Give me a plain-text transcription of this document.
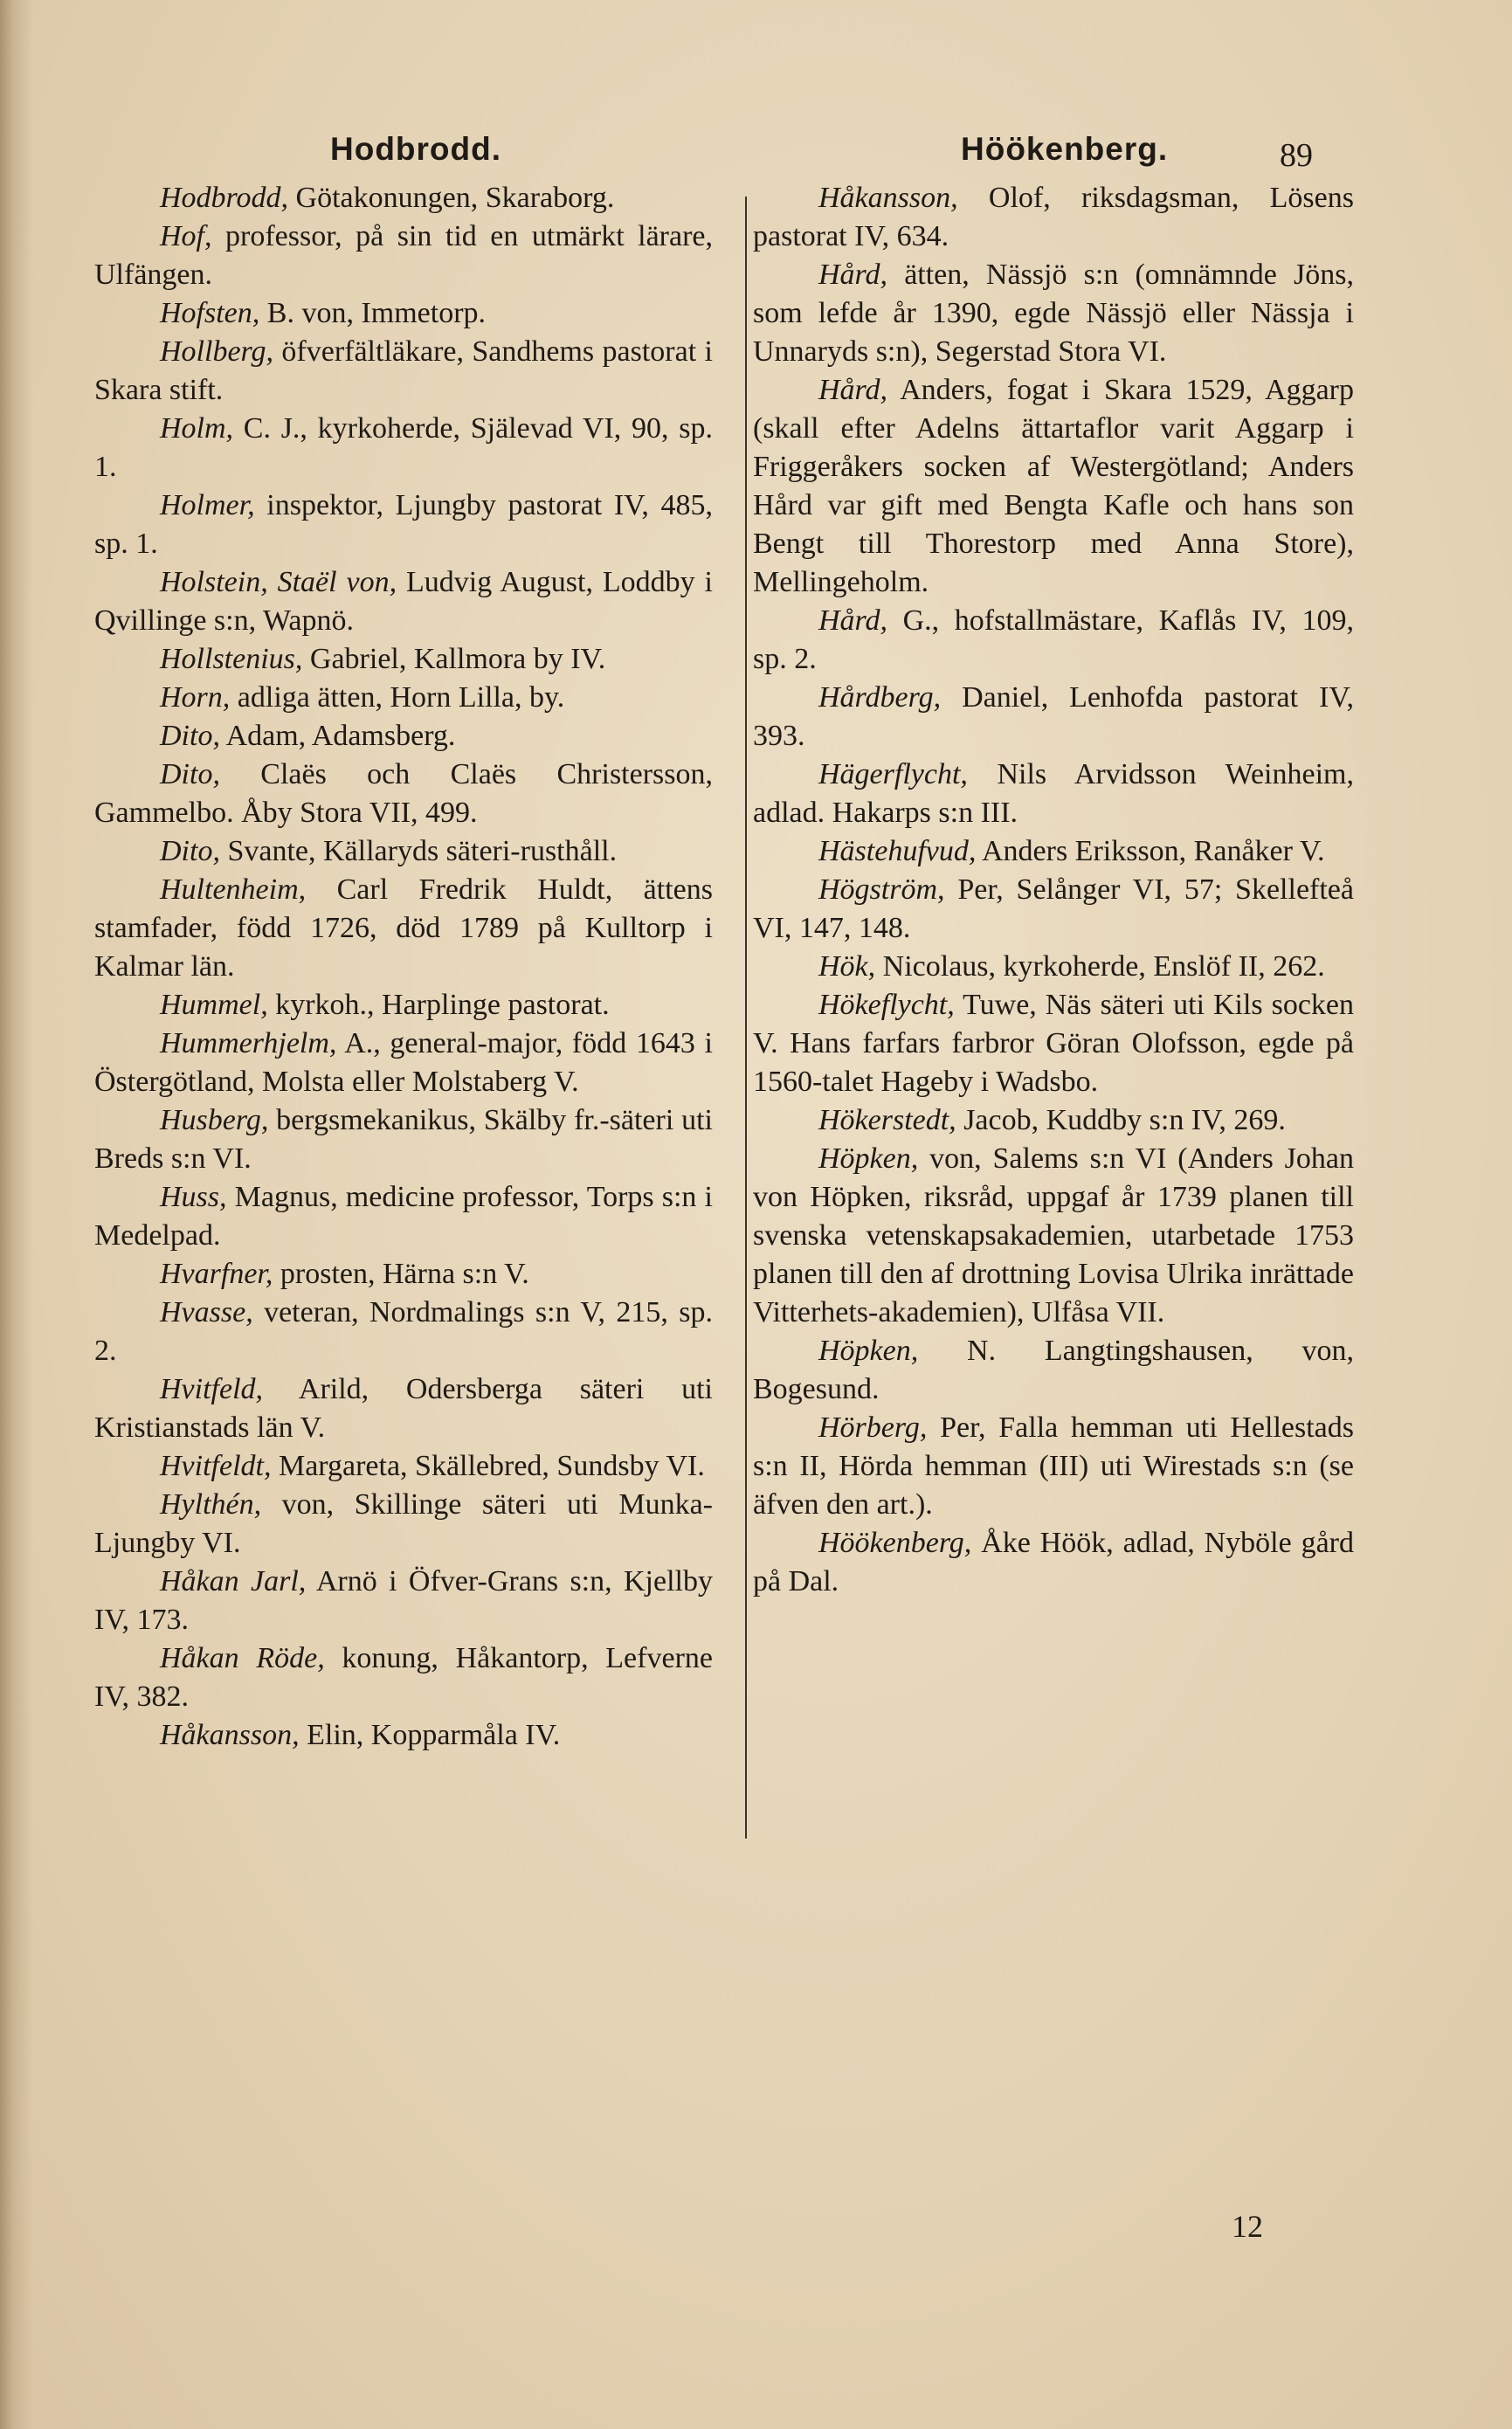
Hodbrodd.	Höökenberg.	89

Hodbrodd, Götakonungen, Skaraborg.

Hof, professor, på sin tid en utmärkt lärare, Ulfängen.

Hofsten, B. von, Immetorp.

Hollberg, öfverfältläkare, Sandhems pastorat i Skara stift.

Holm, C. J., kyrkoherde, Själevad VI, 90, sp. 1.

Holmer, inspektor, Ljungby pastorat IV, 485, sp. 1.

Holstein, Staël von, Ludvig August, Loddby i Qvillinge s:n, Wapnö.

Hollstenius, Gabriel, Kallmora by IV.

Horn, adliga ätten, Horn Lilla, by.

Dito, Adam, Adamsberg.

Dito, Claës och Claës Christersson, Gammelbo. Åby Stora VII, 499.

Dito, Svante, Källaryds säteri-rusthåll.

Hultenheim, Carl Fredrik Huldt, ättens stamfader, född 1726, död 1789 på Kulltorp i Kalmar län.

Hummel, kyrkoh., Harplinge pastorat.

Hummerhjelm, A., general-major, född 1643 i Östergötland, Molsta eller Molstaberg V.

Husberg, bergsmekanikus, Skälby fr.-säteri uti Breds s:n VI.

Huss, Magnus, medicine professor, Torps s:n i Medelpad.

Hvarfner, prosten, Härna s:n V.

Hvasse, veteran, Nordmalings s:n V, 215, sp. 2.

Hvitfeld, Arild, Odersberga säteri uti Kristianstads län V.

Hvitfeldt, Margareta, Skällebred, Sundsby VI.

Hylthén, von, Skillinge säteri uti Munka-Ljungby VI.

Håkan Jarl, Arnö i Öfver-Grans s:n, Kjellby IV, 173.

Håkan Röde, konung, Håkantorp, Lefverne IV, 382.

Håkansson, Elin, Kopparmåla IV.

Håkansson, Olof, riksdagsman, Lösens pastorat IV, 634.

Hård, ätten, Nässjö s:n (omnämnde Jöns, som lefde år 1390, egde Nässjö eller Nässja i Unnaryds s:n), Segerstad Stora VI.

Hård, Anders, fogat i Skara 1529, Aggarp (skall efter Adelns ättartaflor varit Aggarp i Friggeråkers socken af Westergötland; Anders Hård var gift med Bengta Kafle och hans son Bengt till Thorestorp med Anna Store), Mellingeholm.

Hård, G., hofstallmästare, Kaflås IV, 109, sp. 2.

Hårdberg, Daniel, Lenhofda pastorat IV, 393.

Hägerflycht, Nils Arvidsson Weinheim, adlad. Hakarps s:n III.

Hästehufvud, Anders Eriksson, Ranåker V.

Högström, Per, Selånger VI, 57; Skellefteå VI, 147, 148.

Hök, Nicolaus, kyrkoherde, Enslöf II, 262.

Hökeflycht, Tuwe, Näs säteri uti Kils socken V. Hans farfars farbror Göran Olofsson, egde på 1560-talet Hageby i Wadsbo.

Hökerstedt, Jacob, Kuddby s:n IV, 269.

Höpken, von, Salems s:n VI (Anders Johan von Höpken, riksråd, uppgaf år 1739 planen till svenska vetenskapsakademien, utarbetade 1753 planen till den af drottning Lovisa Ulrika inrättade Vitterhets-akademien), Ulfåsa VII.

Höpken, N. Langtingshausen, von, Bogesund.

Hörberg, Per, Falla hemman uti Hellestads s:n II, Hörda hemman (III) uti Wirestads s:n (se äfven den art.).

Höökenberg, Åke Höök, adlad, Nyböle gård på Dal.

12
